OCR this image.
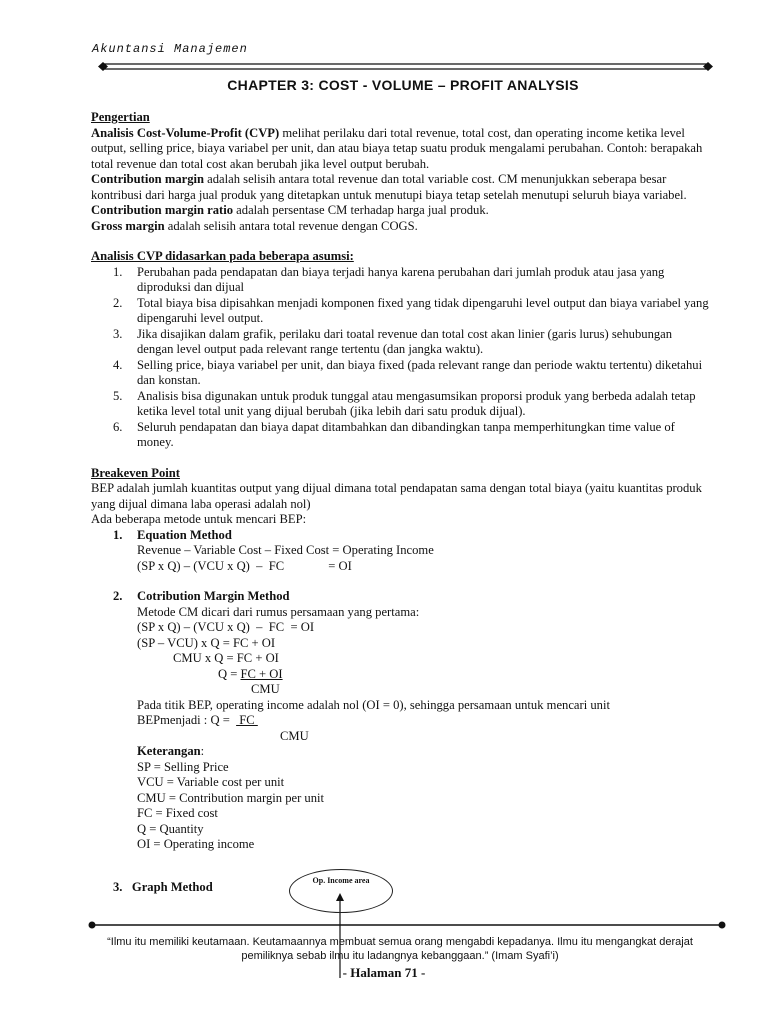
Akuntansi Manajemen
CHAPTER 3: COST - VOLUME – PROFIT ANALYSIS

Pengertian

Analisis Cost-Volume-Profit (CVP) melihat perilaku dari total revenue, total cost, dan operating income ketika level output, selling price, biaya variabel per unit, dan atau biaya tetap suatu produk mengalami perubahan. Contoh: berapakah total revenue dan total cost akan berubah jika level output berubah.

Contribution margin adalah selisih antara total revenue dan total variable cost. CM menunjukkan seberapa besar kontribusi dari harga jual produk yang ditetapkan untuk menutupi biaya tetap setelah menutupi seluruh biaya variabel. Contribution margin ratio adalah persentase CM terhadap harga jual produk.

Gross margin adalah selisih antara total revenue dengan COGS.

Analisis CVP didasarkan pada beberapa asumsi:

1. Perubahan pada pendapatan dan biaya terjadi hanya karena perubahan dari jumlah produk atau jasa yang diproduksi dan dijual
2. Total biaya bisa dipisahkan menjadi komponen fixed yang tidak dipengaruhi level output dan biaya variabel yang dipengaruhi level output.
3. Jika disajikan dalam grafik, perilaku dari toatal revenue dan total cost akan linier (garis lurus) sehubungan dengan level output pada relevant range tertentu (dan jangka waktu).
4. Selling price, biaya variabel per unit, dan biaya fixed (pada relevant range dan periode waktu tertentu) diketahui dan konstan.
5. Analisis bisa digunakan untuk produk tunggal atau mengasumsikan proporsi produk yang berbeda adalah tetap ketika level total unit yang dijual berubah (jika lebih dari satu produk dijual).
6. Seluruh pendapatan dan biaya dapat ditambahkan dan dibandingkan tanpa memperhitungkan time value of money.

Breakeven Point

BEP adalah jumlah kuantitas output yang dijual dimana total pendapatan sama dengan total biaya (yaitu kuantitas produk yang dijual dimana laba operasi adalah nol)

Ada beberapa metode untuk mencari BEP:

1. Equation Method

Revenue – Variable Cost – Fixed Cost = Operating Income

(SP x Q) – (VCU x Q)  –  FC              = OI

2. Cotribution Margin Method

Metode CM dicari dari rumus persamaan yang pertama:

(SP x Q) – (VCU x Q)  –  FC  = OI

(SP – VCU) x Q = FC + OI

CMU x Q = FC + OI

Q = FC + OI

CMU

Pada titik BEP, operating income adalah nol (OI = 0), sehingga persamaan untuk mencari unit

BEPmenjadi : Q =   FC

CMU

Keterangan:

SP = Selling Price

VCU = Variable cost per unit

CMU = Contribution margin per unit

FC = Fixed cost

Q = Quantity

OI = Operating income

3. Graph Method	Op. Income area
“Ilmu itu memiliki keutamaan. Keutamaannya membuat semua orang mengabdi kepadanya. Ilmu itu mengangkat derajat pemiliknya sebab ilmu itu ladangnya kebanggaan.” (Imam Syafi’i)
- Halaman 71 -
